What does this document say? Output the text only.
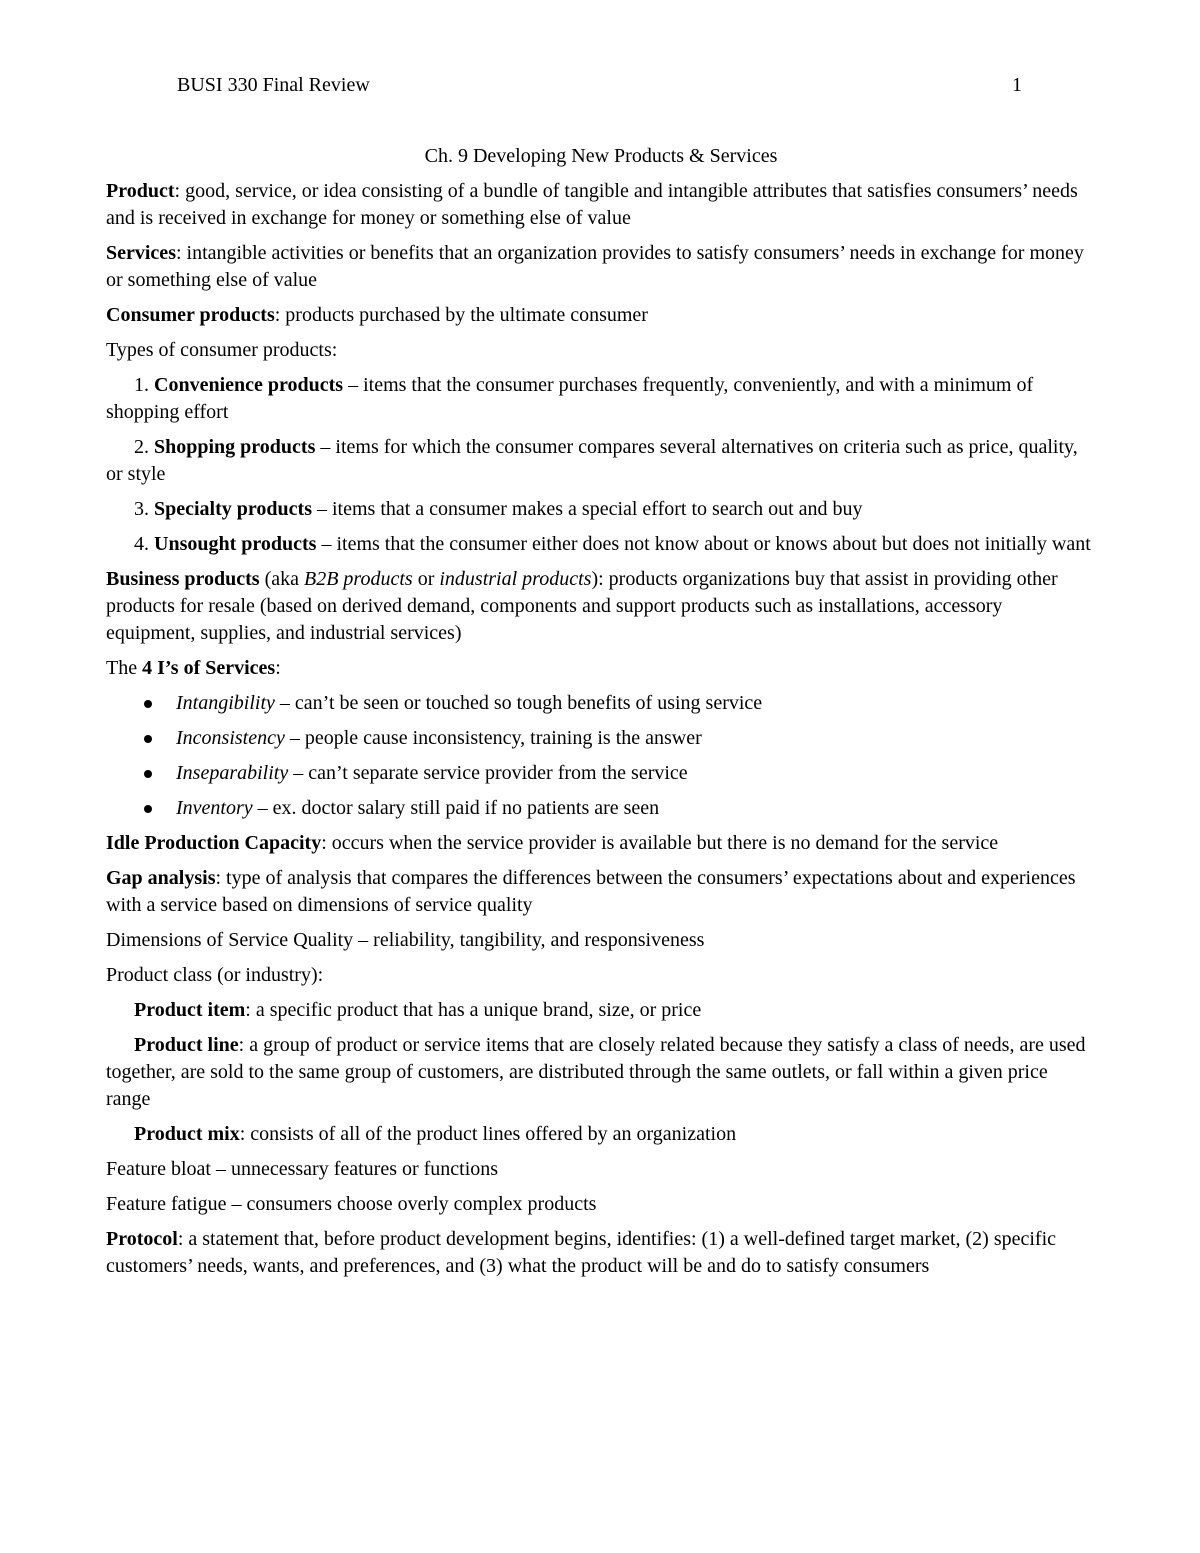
BUSI 330 Final Review	1
Ch. 9 Developing New Products & Services
Product: good, service, or idea consisting of a bundle of tangible and intangible attributes that satisfies consumers’ needs and is received in exchange for money or something else of value
Services: intangible activities or benefits that an organization provides to satisfy consumers’ needs in exchange for money or something else of value
Consumer products: products purchased by the ultimate consumer
Types of consumer products:
1. Convenience products – items that the consumer purchases frequently, conveniently, and with a minimum of shopping effort
2. Shopping products – items for which the consumer compares several alternatives on criteria such as price, quality, or style
3. Specialty products – items that a consumer makes a special effort to search out and buy
4. Unsought products – items that the consumer either does not know about or knows about but does not initially want
Business products (aka B2B products or industrial products): products organizations buy that assist in providing other products for resale (based on derived demand, components and support products such as installations, accessory equipment, supplies, and industrial services)
The 4 I’s of Services:
Intangibility – can’t be seen or touched so tough benefits of using service
Inconsistency – people cause inconsistency, training is the answer
Inseparability – can’t separate service provider from the service
Inventory – ex. doctor salary still paid if no patients are seen
Idle Production Capacity: occurs when the service provider is available but there is no demand for the service
Gap analysis: type of analysis that compares the differences between the consumers’ expectations about and experiences with a service based on dimensions of service quality
Dimensions of Service Quality – reliability, tangibility, and responsiveness
Product class (or industry):
Product item: a specific product that has a unique brand, size, or price
Product line: a group of product or service items that are closely related because they satisfy a class of needs, are used together, are sold to the same group of customers, are distributed through the same outlets, or fall within a given price range
Product mix: consists of all of the product lines offered by an organization
Feature bloat – unnecessary features or functions
Feature fatigue – consumers choose overly complex products
Protocol: a statement that, before product development begins, identifies: (1) a well-defined target market, (2) specific customers’ needs, wants, and preferences, and (3) what the product will be and do to satisfy consumers
